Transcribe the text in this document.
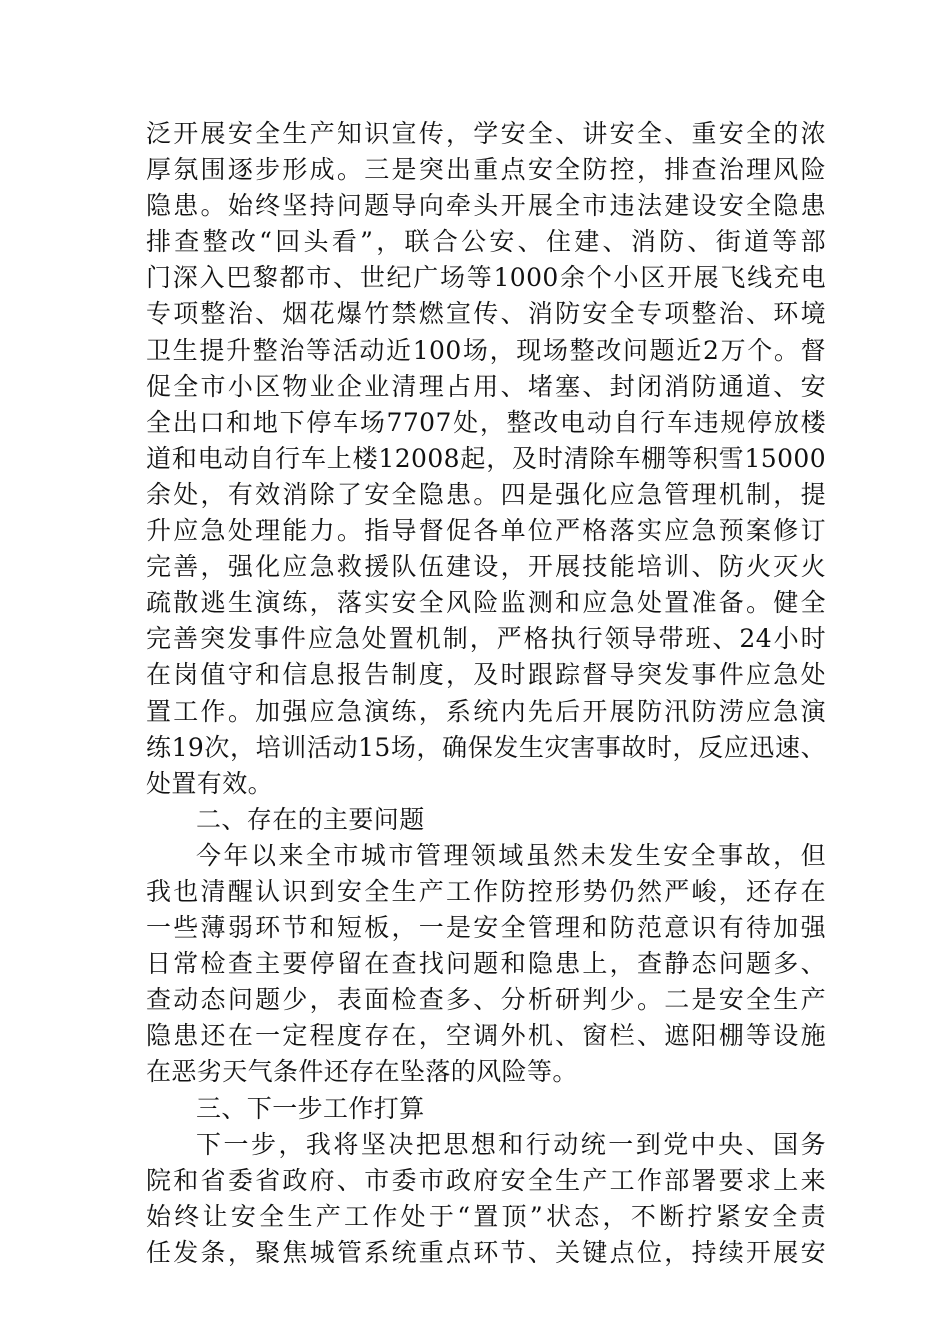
泛开展安全生产知识宣传，学安全、讲安全、重安全的浓
厚氛围逐步形成。三是突出重点安全防控，排查治理风险
隐患。始终坚持问题导向牵头开展全市违法建设安全隐患
排查整改“回头看”，联合公安、住建、消防、街道等部
门深入巴黎都市、世纪广场等1000余个小区开展飞线充电
专项整治、烟花爆竹禁燃宣传、消防安全专项整治、环境
卫生提升整治等活动近100场，现场整改问题近2万个。督
促全市小区物业企业清理占用、堵塞、封闭消防通道、安
全出口和地下停车场7707处，整改电动自行车违规停放楼
道和电动自行车上楼12008起，及时清除车棚等积雪15000
余处，有效消除了安全隐患。四是强化应急管理机制，提
升应急处理能力。指导督促各单位严格落实应急预案修订
完善，强化应急救援队伍建设，开展技能培训、防火灭火
疏散逃生演练，落实安全风险监测和应急处置准备。健全
完善突发事件应急处置机制，严格执行领导带班、24小时
在岗值守和信息报告制度，及时跟踪督导突发事件应急处
置工作。加强应急演练，系统内先后开展防汛防涝应急演
练19次，培训活动15场，确保发生灾害事故时，反应迅速、
处置有效。
二、存在的主要问题
今年以来全市城市管理领域虽然未发生安全事故，但
我也清醒认识到安全生产工作防控形势仍然严峻，还存在
一些薄弱环节和短板，一是安全管理和防范意识有待加强
日常检查主要停留在查找问题和隐患上，查静态问题多、
查动态问题少，表面检查多、分析研判少。二是安全生产
隐患还在一定程度存在，空调外机、窗栏、遮阳棚等设施
在恶劣天气条件还存在坠落的风险等。
三、下一步工作打算
下一步，我将坚决把思想和行动统一到党中央、国务
院和省委省政府、市委市政府安全生产工作部署要求上来
始终让安全生产工作处于“置顶”状态，不断拧紧安全责
任发条，聚焦城管系统重点环节、关键点位，持续开展安
